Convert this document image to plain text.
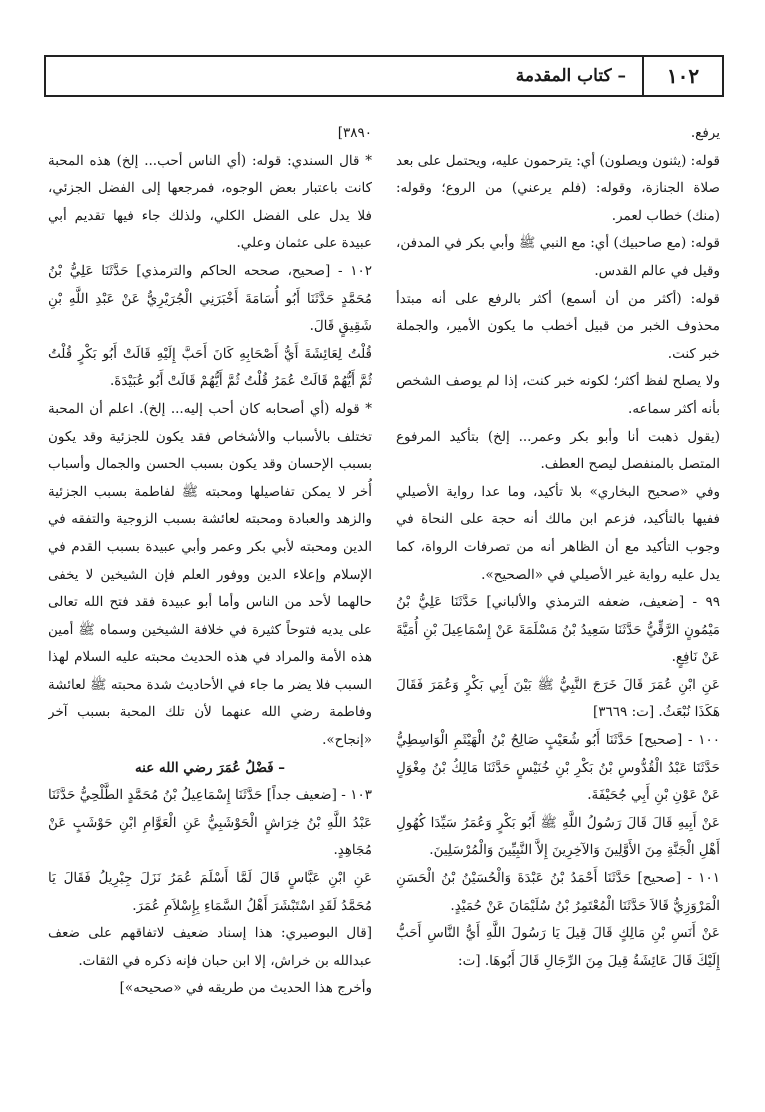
١٠٢
– كتاب المقدمة

يرفع.

قوله: (يثنون ويصلون) أي: يترحمون عليه، ويحتمل على بعد صلاة الجنازة، وقوله: (فلم يرعني) من الروع؛ وقوله: (منك) خطاب لعمر.

قوله: (مع صاحبيك) أي: مع النبي ﷺ وأبي بكر في المدفن، وقيل في عالم القدس.

قوله: (أكثر من أن أسمع) أكثر بالرفع على أنه مبتدأ محذوف الخبر من قبيل أخطب ما يكون الأمير، والجملة خبر كنت.

ولا يصلح لفظ أكثر؛ لكونه خبر كنت، إذا لم يوصف الشخص بأنه أكثر سماعه.

(يقول ذهبت أنا وأبو بكر وعمر... إلخ) بتأكيد المرفوع المتصل بالمنفصل ليصح العطف.

وفي «صحيح البخاري» بلا تأكيد، وما عدا رواية الأصيلي ففيها بالتأكيد، فزعم ابن مالك أنه حجة على النحاة في وجوب التأكيد مع أن الظاهر أنه من تصرفات الرواة، كما يدل عليه رواية غير الأصيلي في «الصحيح».

٩٩ - [ضعيف، ضعفه الترمذي والألباني] حَدَّثَنَا عَلِيُّ بْنُ مَيْمُونٍ الرَّقِّيُّ حَدَّثَنَا سَعِيدُ بْنُ مَسْلَمَةَ عَنْ إِسْمَاعِيلَ بْنِ أُمَيَّةَ عَنْ نَافِعٍ.

عَنِ ابْنِ عُمَرَ قَالَ خَرَجَ النَّبِيُّ ﷺ بَيْنَ أَبِي بَكْرٍ وَعُمَرَ فَقَالَ هَكَذَا نُبْعَثُ. [ت: ٣٦٦٩]

١٠٠ - [صحيح] حَدَّثَنَا أَبُو شُعَيْبٍ صَالِحُ بْنُ الْهَيْثَمِ الْوَاسِطِيُّ حَدَّثَنَا عَبْدُ الْقُدُّوسِ بْنُ بَكْرِ بْنِ خُنَيْسٍ حَدَّثَنَا مَالِكُ بْنُ مِغْوَلٍ عَنْ عَوْنِ بْنِ أَبِي جُحَيْفَةَ.

عَنْ أَبِيهِ قَالَ قَالَ رَسُولُ اللَّهِ ﷺ أَبُو بَكْرٍ وَعُمَرُ سَيِّدَا كُهُولِ أَهْلِ الْجَنَّةِ مِنَ الأَوَّلِينَ وَالآخِرِينَ إِلاَّ النَّبِيِّينَ وَالْمُرْسَلِينَ.

١٠١ - [صحيح] حَدَّثَنَا أَحْمَدُ بْنُ عَبْدَةَ وَالْحُسَيْنُ بْنُ الْحَسَنِ الْمَرْوَزِيُّ قَالاَ حَدَّثَنَا الْمُعْتَمِرُ بْنُ سُلَيْمَانَ عَنْ حُمَيْدٍ.

عَنْ أَنَسِ بْنِ مَالِكٍ قَالَ قِيلَ يَا رَسُولَ اللَّهِ أَيُّ النَّاسِ أَحَبُّ إِلَيْكَ قَالَ عَائِشَةُ قِيلَ مِنَ الرِّجَالِ قَالَ أَبُوهَا. [ت:

٣٨٩٠]

* قال السندي: قوله: (أي الناس أحب... إلخ) هذه المحبة كانت باعتبار بعض الوجوه، فمرجعها إلى الفضل الجزئي، فلا يدل على الفضل الكلي، ولذلك جاء فيها تقديم أبي عبيدة على عثمان وعلي.

١٠٢ - [صحيح، صححه الحاكم والترمذي] حَدَّثَنَا عَلِيُّ بْنُ مُحَمَّدٍ حَدَّثَنَا أَبُو أُسَامَةَ أَخْبَرَنِي الْجُرَيْرِيُّ عَنْ عَبْدِ اللَّهِ بْنِ شَقِيقٍ قَالَ.

قُلْتُ لِعَائِشَةَ أَيُّ أَصْحَابِهِ كَانَ أَحَبَّ إِلَيْهِ قَالَتْ أَبُو بَكْرٍ قُلْتُ ثُمَّ أَيُّهُمْ قَالَتْ عُمَرُ قُلْتُ ثُمَّ أَيُّهُمْ قَالَتْ أَبُو عُبَيْدَةَ.

* قوله (أي أصحابه كان أحب إليه... إلخ). اعلم أن المحبة تختلف بالأسباب والأشخاص فقد يكون للجزئية وقد يكون بسبب الإحسان وقد يكون بسبب الحسن والجمال وأسباب أُخر لا يمكن تفاصيلها ومحبته ﷺ لفاطمة بسبب الجزئية والزهد والعبادة ومحبته لعائشة بسبب الزوجية والتفقه في الدين ومحبته لأبي بكر وعمر وأبي عبيدة بسبب القدم في الإسلام وإعلاء الدين ووفور العلم فإن الشيخين لا يخفى حالهما لأحد من الناس وأما أبو عبيدة فقد فتح الله تعالى على يديه فتوحاً كثيرة في خلافة الشيخين وسماه ﷺ أمين هذه الأمة والمراد في هذه الحديث محبته عليه السلام لهذا السبب فلا يضر ما جاء في الأحاديث شدة محبته ﷺ لعائشة وفاطمة رضي الله عنهما لأن تلك المحبة بسبب آخر «إنجاح».

– فَضْلُ عُمَرَ رضي الله عنه

١٠٣ - [ضعيف جداً] حَدَّثَنَا إِسْمَاعِيلُ بْنُ مُحَمَّدٍ الطَّلْحِيُّ حَدَّثَنَا عَبْدُ اللَّهِ بْنُ خِرَاشٍ الْحَوْشَبِيُّ عَنِ الْعَوَّامِ ابْنِ حَوْشَبٍ عَنْ مُجَاهِدٍ.

عَنِ ابْنِ عَبَّاسٍ قَالَ لَمَّا أَسْلَمَ عُمَرُ نَزَلَ جِبْرِيلُ فَقَالَ يَا مُحَمَّدُ لَقَدِ اسْتَبْشَرَ أَهْلُ السَّمَاءِ بِإِسْلاَمِ عُمَرَ.

[قال البوصيري: هذا إسناد ضعيف لاتفاقهم على ضعف عبدالله بن خراش، إلا ابن حبان فإنه ذكره في الثقات.

وأخرج هذا الحديث من طريقه في «صحيحه»]
